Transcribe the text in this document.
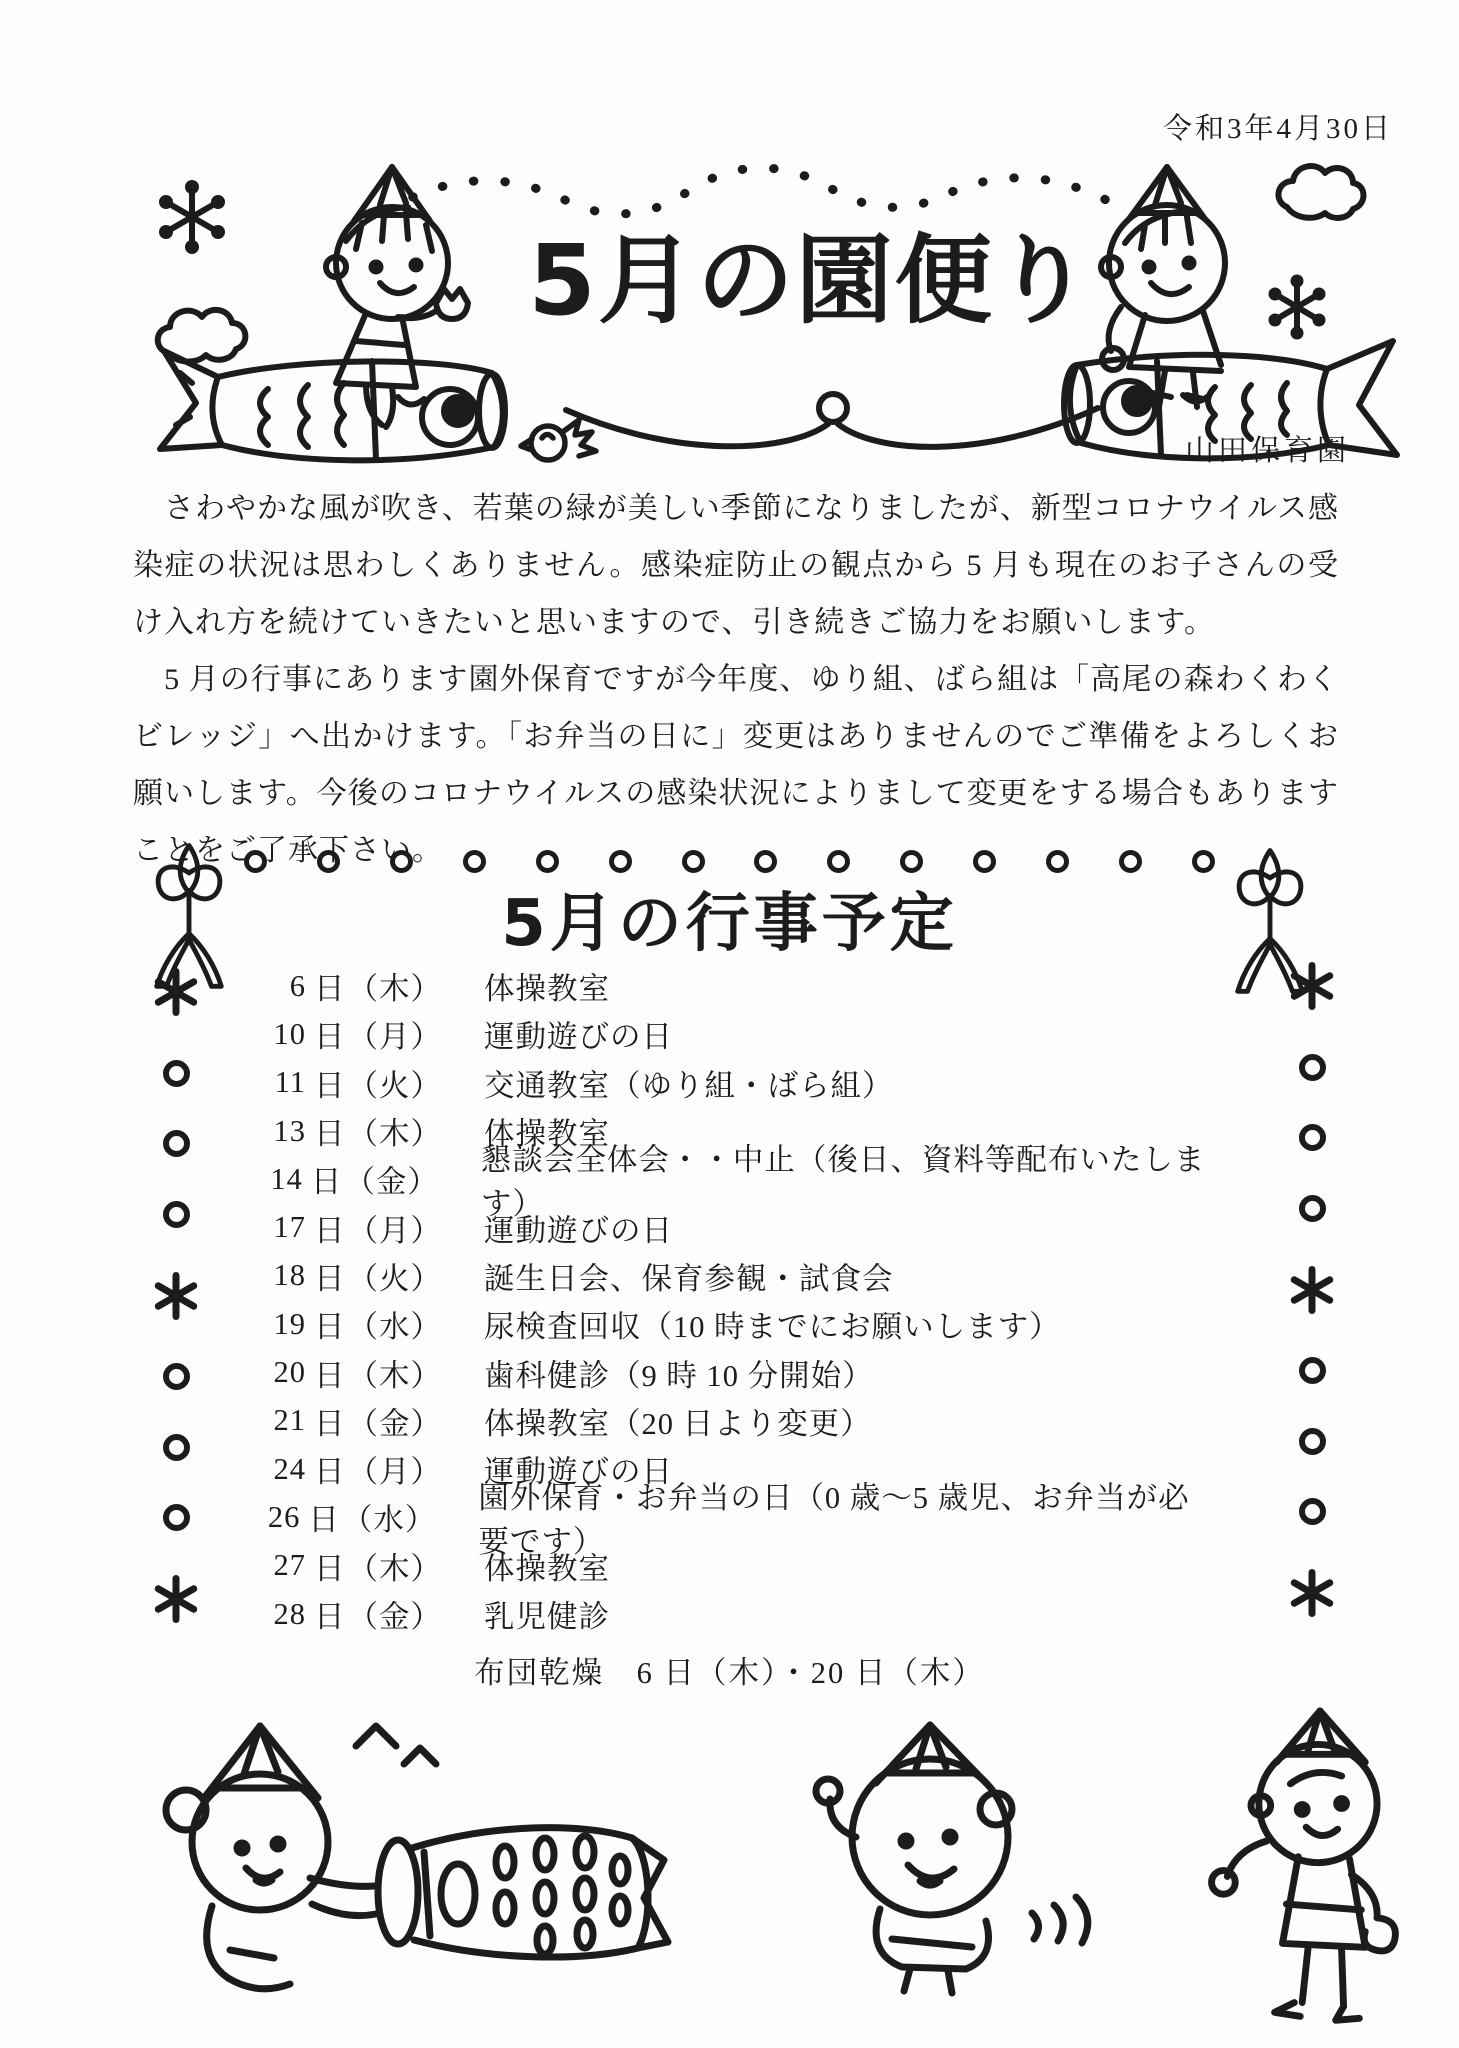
令和3年4月30日
5月の園便り
山田保育園

　さわやかな風が吹き、若葉の緑が美しい季節になりましたが、新型コロナウイルス感染症の状況は思わしくありません。感染症防止の観点から 5 月も現在のお子さんの受け入れ方を続けていきたいと思いますので、引き続きご協力をお願いします。

　5 月の行事にあります園外保育ですが今年度、ゆり組、ばら組は「高尾の森わくわくビレッジ」へ出かけます。「お弁当の日に」変更はありませんのでご準備をよろしくお願いします。今後のコロナウイルスの感染状況によりまして変更をする場合もありますことをご了承下さい。

5月の行事予定
6 日 （木） 体操教室
10 日 （月） 運動遊びの日
11 日 （火） 交通教室（ゆり組・ばら組）
13 日 （木） 体操教室
14 日 （金）
懇談会全体会・・中止（後日、資料等配布いたします）
17 日 （月） 運動遊びの日
18 日 （火） 誕生日会、保育参観・試食会
19 日 （水） 尿検査回収（10 時までにお願いします）
20 日 （木） 歯科健診（9 時 10 分開始）
21 日 （金） 体操教室（20 日より変更）
24 日 （月） 運動遊びの日
26 日 （水）
園外保育・お弁当の日（0 歳～5 歳児、お弁当が必要です）
27 日 （木） 体操教室
28 日 （金） 乳児健診
布団乾燥　6 日（木）・20 日（木）
